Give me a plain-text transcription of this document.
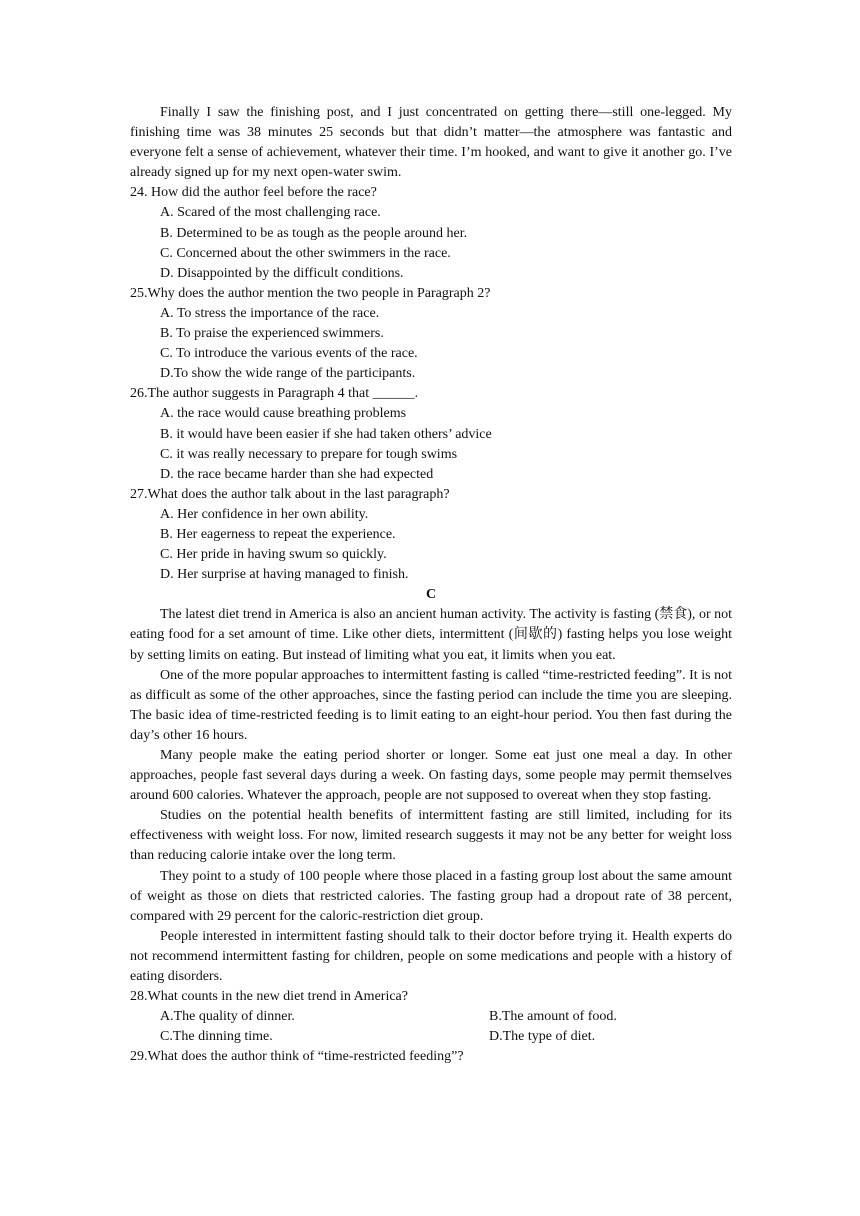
Finally I saw the finishing post, and I just concentrated on getting there—still one-legged. My finishing time was 38 minutes 25 seconds but that didn’t matter—the atmosphere was fantastic and everyone felt a sense of achievement, whatever their time. I’m hooked, and want to give it another go. I’ve already signed up for my next open-water swim.

24. How did the author feel before the race?

A. Scared of the most challenging race.

B. Determined to be as tough as the people around her.

C. Concerned about the other swimmers in the race.

D. Disappointed by the difficult conditions.

25.Why does the author mention the two people in Paragraph 2?

A. To stress the importance of the race.

B. To praise the experienced swimmers.

C. To introduce the various events of the race.

D.To show the wide range of the participants.

26.The author suggests in Paragraph 4 that ______.

A. the race would cause breathing problems

B. it would have been easier if she had taken others’ advice

C. it was really necessary to prepare for tough swims

D. the race became harder than she had expected

27.What does the author talk about in the last paragraph?

A. Her confidence in her own ability.

B. Her eagerness to repeat the experience.

C. Her pride in having swum so quickly.

D. Her surprise at having managed to finish.

C

The latest diet trend in America is also an ancient human activity. The activity is fasting (禁食), or not eating food for a set amount of time. Like other diets, intermittent (间歇的) fasting helps you lose weight by setting limits on eating. But instead of limiting what you eat, it limits when you eat.

One of the more popular approaches to intermittent fasting is called “time-restricted feeding”. It is not as difficult as some of the other approaches, since the fasting period can include the time you are sleeping. The basic idea of time-restricted feeding is to limit eating to an eight-hour period. You then fast during the day’s other 16 hours.

Many people make the eating period shorter or longer. Some eat just one meal a day. In other approaches, people fast several days during a week. On fasting days, some people may permit themselves around 600 calories. Whatever the approach, people are not supposed to overeat when they stop fasting.

Studies on the potential health benefits of intermittent fasting are still limited, including for its effectiveness with weight loss. For now, limited research suggests it may not be any better for weight loss than reducing calorie intake over the long term.

They point to a study of 100 people where those placed in a fasting group lost about the same amount of weight as those on diets that restricted calories. The fasting group had a dropout rate of 38 percent, compared with 29 percent for the caloric-restriction diet group.

People interested in intermittent fasting should talk to their doctor before trying it. Health experts do not recommend intermittent fasting for children, people on some medications and people with a history of eating disorders.

28.What counts in the new diet trend in America?

A.The quality of dinner.	B.The amount of food.
C.The dinning time.	D.The type of diet.

29.What does the author think of “time-restricted feeding”?
